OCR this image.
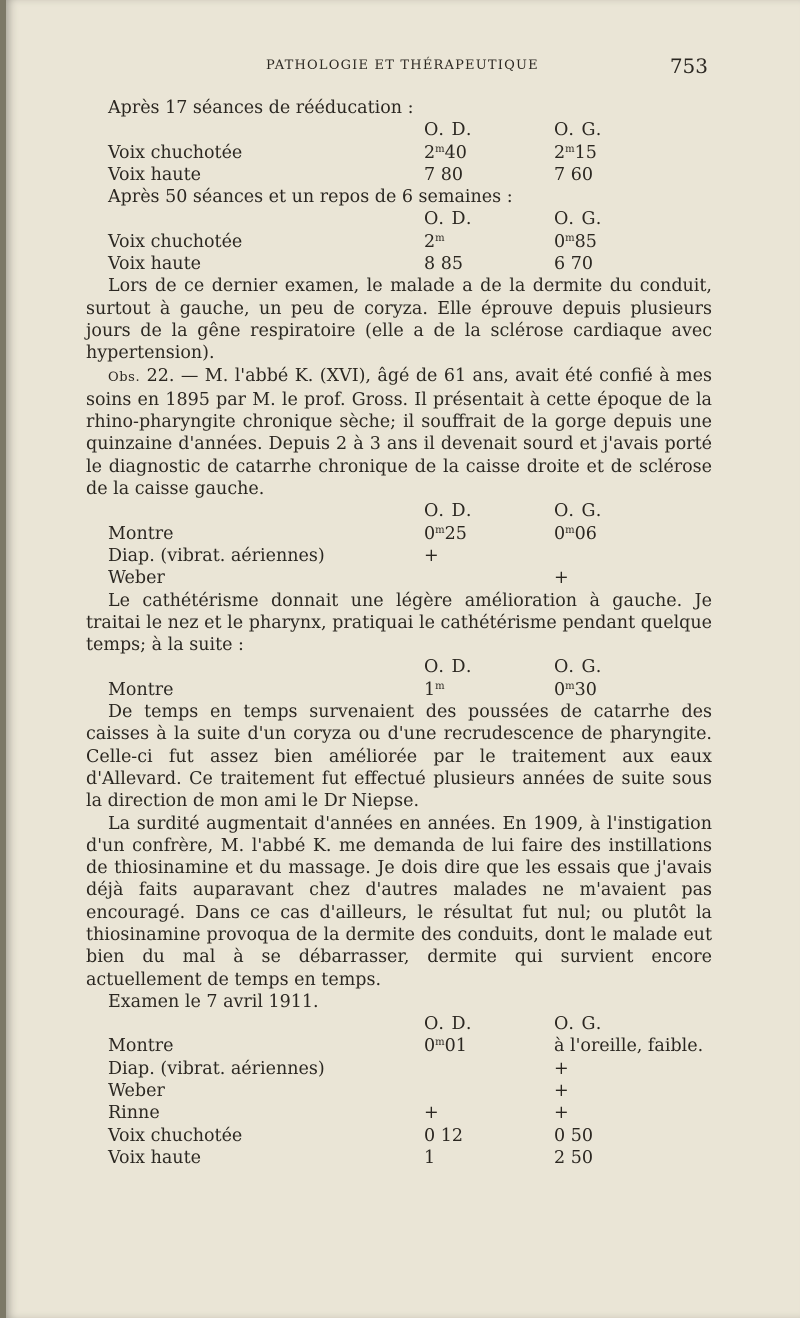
PATHOLOGIE ET THÉRAPEUTIQUE	753
Après 17 séances de rééducation :
	O. D.	O. G.
Voix chuchotée	2$^m$40	2$^m$15
Voix haute	7 80	7 60
Après 50 séances et un repos de 6 semaines :
	O. D.	O. G.
Voix chuchotée	2$^m$	0$^m$85
Voix haute	8 85	6 70

Lors de ce dernier examen, le malade a de la dermite du conduit, surtout à gauche, un peu de coryza. Elle éprouve depuis plusieurs jours de la gêne respiratoire (elle a de la sclérose cardiaque avec hypertension).

Obs. 22. — M. l'abbé K. (XVI), âgé de 61 ans, avait été confié à mes soins en 1895 par M. le prof. Gross. Il présentait à cette époque de la rhino-pharyngite chronique sèche; il souffrait de la gorge depuis une quinzaine d'années. Depuis 2 à 3 ans il devenait sourd et j'avais porté le diagnostic de catarrhe chronique de la caisse droite et de sclérose de la caisse gauche.

	O. D.	O. G.
Montre	0$^m$25	0$^m$06
Diap. (vibrat. aériennes)	+	
Weber		+

Le cathétérisme donnait une légère amélioration à gauche. Je traitai le nez et le pharynx, pratiquai le cathétérisme pendant quelque temps; à la suite :

	O. D.	O. G.
Montre	1$^m$	0$^m$30

De temps en temps survenaient des poussées de catarrhe des caisses à la suite d'un coryza ou d'une recrudescence de pharyngite. Celle-ci fut assez bien améliorée par le traitement aux eaux d'Allevard. Ce traitement fut effectué plusieurs années de suite sous la direction de mon ami le Dr Niepse.

La surdité augmentait d'années en années. En 1909, à l'instigation d'un confrère, M. l'abbé K. me demanda de lui faire des instillations de thiosinamine et du massage. Je dois dire que les essais que j'avais déjà faits auparavant chez d'autres malades ne m'avaient pas encouragé. Dans ce cas d'ailleurs, le résultat fut nul; ou plutôt la thiosinamine provoqua de la dermite des conduits, dont le malade eut bien du mal à se débarrasser, dermite qui survient encore actuellement de temps en temps.

Examen le 7 avril 1911.
	O. D.	O. G.
Montre	0$^m$01	à l'oreille, faible.
Diap. (vibrat. aériennes)		+
Weber		+
Rinne	+	+
Voix chuchotée	0 12	0 50
Voix haute	1	2 50
